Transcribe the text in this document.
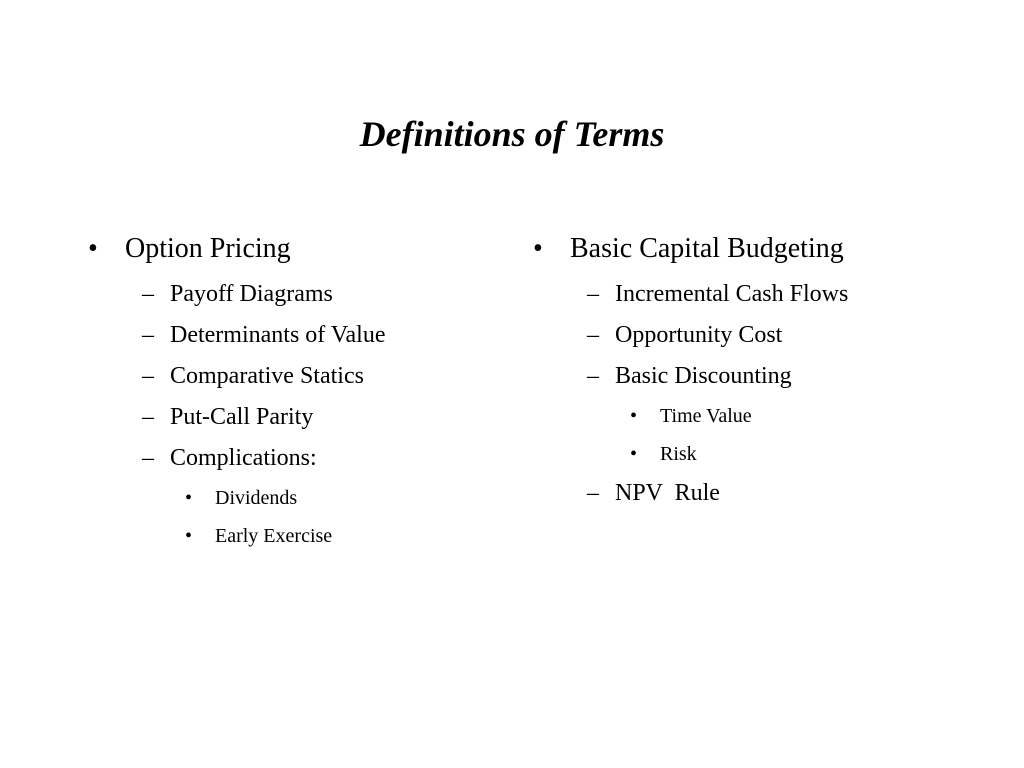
Definitions of Terms
• Option Pricing
– Payoff Diagrams
– Determinants of Value
– Comparative Statics
– Put-Call Parity
– Complications:
• Dividends
• Early Exercise
• Basic Capital Budgeting
– Incremental Cash Flows
– Opportunity Cost
– Basic Discounting
• Time Value
• Risk
– NPV  Rule
